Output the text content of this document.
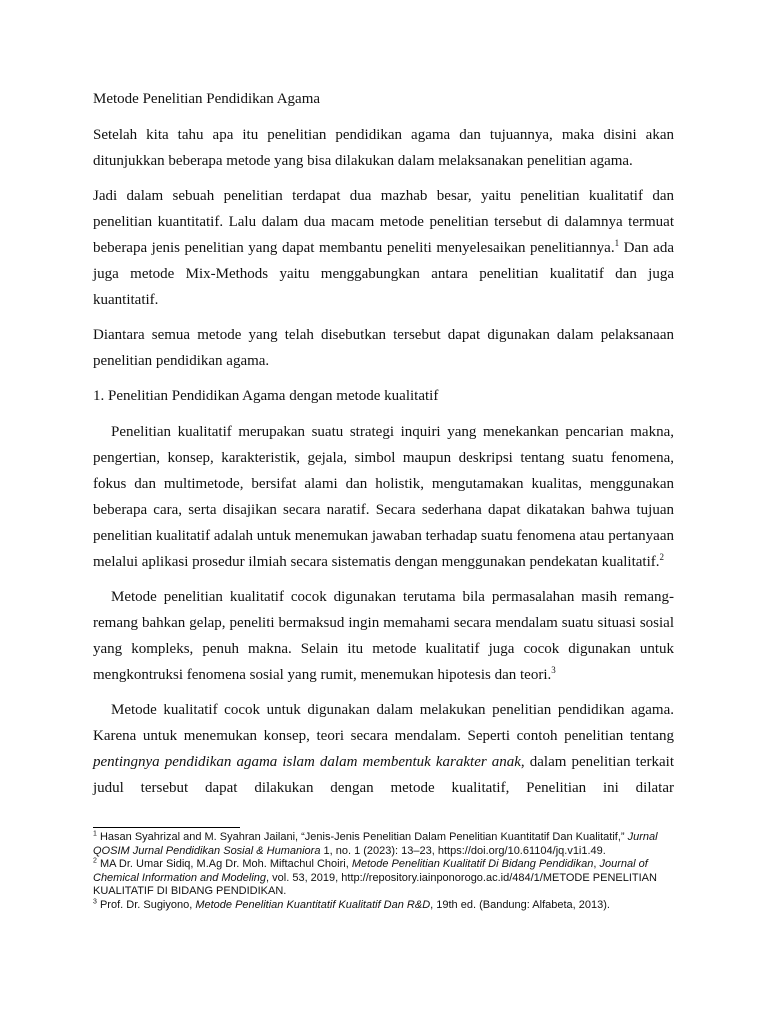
Metode Penelitian Pendidikan Agama

Setelah kita tahu apa itu penelitian pendidikan agama dan tujuannya, maka disini akan ditunjukkan beberapa metode yang bisa dilakukan dalam melaksanakan penelitian agama.

Jadi dalam sebuah penelitian terdapat dua mazhab besar, yaitu penelitian kualitatif dan penelitian kuantitatif. Lalu dalam dua macam metode penelitian tersebut di dalamnya termuat beberapa jenis penelitian yang dapat membantu peneliti menyelesaikan penelitiannya.$^1$ Dan ada juga metode Mix-Methods yaitu menggabungkan antara penelitian kualitatif dan juga kuantitatif.

Diantara semua metode yang telah disebutkan tersebut dapat digunakan dalam pelaksanaan penelitian pendidikan agama.

1. Penelitian Pendidikan Agama dengan metode kualitatif

Penelitian kualitatif merupakan suatu strategi inquiri yang menekankan pencarian makna, pengertian, konsep, karakteristik, gejala, simbol maupun deskripsi tentang suatu fenomena, fokus dan multimetode, bersifat alami dan holistik, mengutamakan kualitas, menggunakan beberapa cara, serta disajikan secara naratif. Secara sederhana dapat dikatakan bahwa tujuan penelitian kualitatif adalah untuk menemukan jawaban terhadap suatu fenomena atau pertanyaan melalui aplikasi prosedur ilmiah secara sistematis dengan menggunakan pendekatan kualitatif.$^2$

Metode penelitian kualitatif cocok digunakan terutama bila permasalahan masih remang-remang bahkan gelap, peneliti bermaksud ingin memahami secara mendalam suatu situasi sosial yang kompleks, penuh makna. Selain itu metode kualitatif juga cocok digunakan untuk mengkontruksi fenomena sosial yang rumit, menemukan hipotesis dan teori.$^3$

Metode kualitatif cocok untuk digunakan dalam melakukan penelitian pendidikan agama. Karena untuk menemukan konsep, teori secara mendalam. Seperti contoh penelitian tentang pentingnya pendidikan agama islam dalam membentuk karakter anak, dalam penelitian terkait judul tersebut dapat dilakukan dengan metode kualitatif, Penelitian ini dilatar

$^1$ Hasan Syahrizal and M. Syahran Jailani, “Jenis-Jenis Penelitian Dalam Penelitian Kuantitatif Dan Kualitatif,” Jurnal QOSIM Jurnal Pendidikan Sosial & Humaniora 1, no. 1 (2023): 13–23, https://doi.org/10.61104/jq.v1i1.49.

$^2$ MA Dr. Umar Sidiq, M.Ag Dr. Moh. Miftachul Choiri, Metode Penelitian Kualitatif Di Bidang Pendidikan, Journal of Chemical Information and Modeling, vol. 53, 2019, http://repository.iainponorogo.ac.id/484/1/METODE PENELITIAN KUALITATIF DI BIDANG PENDIDIKAN.

$^3$ Prof. Dr. Sugiyono, Metode Penelitian Kuantitatif Kualitatif Dan R&D, 19th ed. (Bandung: Alfabeta, 2013).
